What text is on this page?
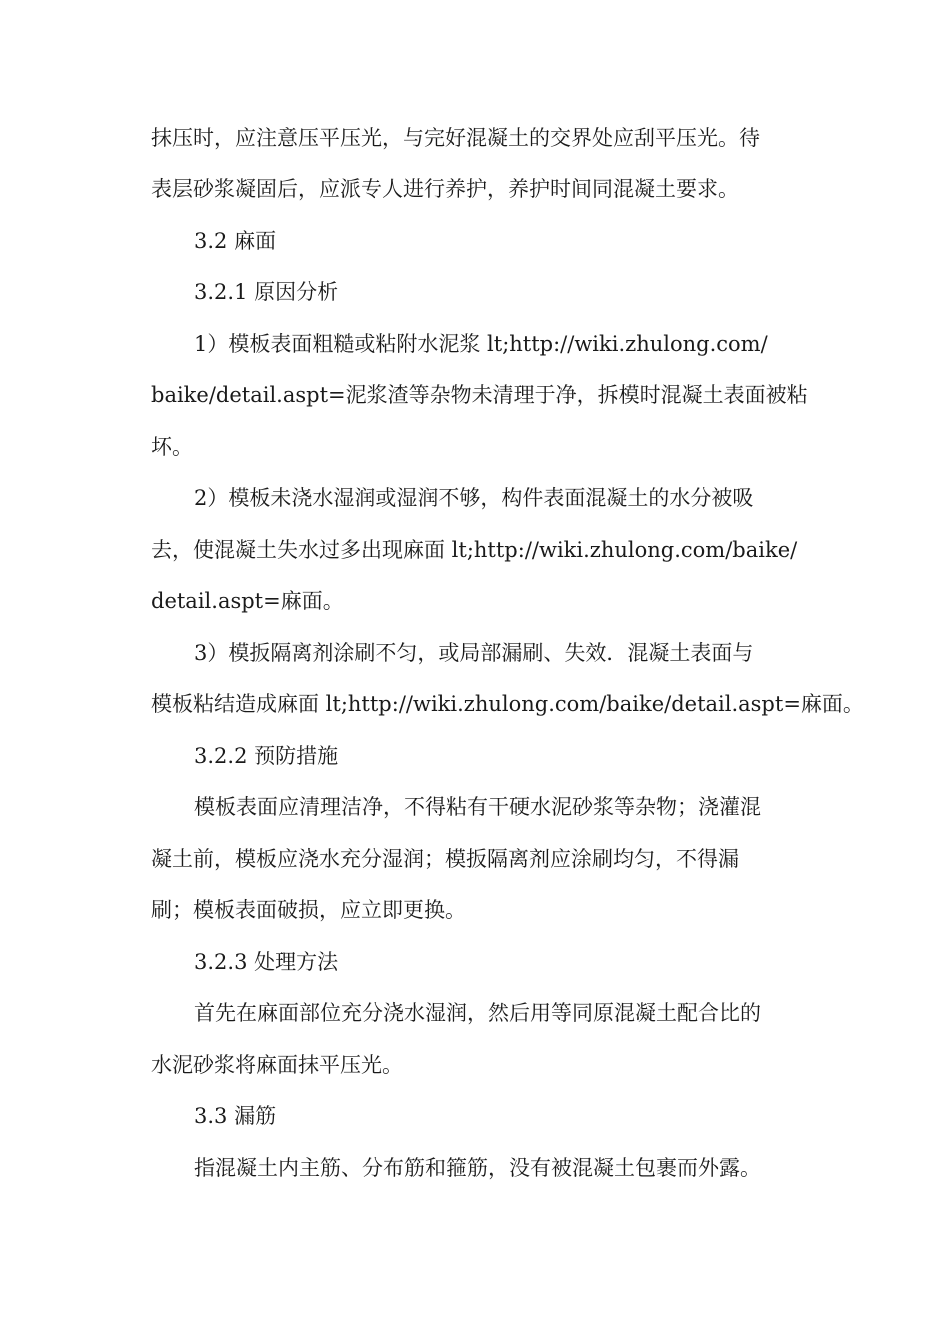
抹压时，应注意压平压光，与完好混凝土的交界处应刮平压光。待
表层砂浆凝固后，应派专人进行养护，养护时间同混凝土要求。
3.2 麻面
3.2.1 原因分析
1）模板表面粗糙或粘附水泥浆 lt;http://wiki.zhulong.com/
baike/detail.aspt=泥浆渣等杂物未清理于净，拆模时混凝土表面被粘
坏。
2）模板未浇水湿润或湿润不够，构件表面混凝土的水分被吸
去，使混凝土失水过多出现麻面 lt;http://wiki.zhulong.com/baike/
detail.aspt=麻面。
3）模扳隔离剂涂刷不匀，或局部漏刷、失效．混凝土表面与
模板粘结造成麻面 lt;http://wiki.zhulong.com/baike/detail.aspt=麻面。
3.2.2 预防措施
模板表面应清理洁净，不得粘有干硬水泥砂浆等杂物；浇灌混
凝土前，模板应浇水充分湿润；模扳隔离剂应涂刷均匀，不得漏
刷；模板表面破损，应立即更换。
3.2.3 处理方法
首先在麻面部位充分浇水湿润，然后用等同原混凝土配合比的
水泥砂浆将麻面抹平压光。
3.3 漏筋
指混凝土内主筋、分布筋和箍筋，没有被混凝土包裹而外露。
